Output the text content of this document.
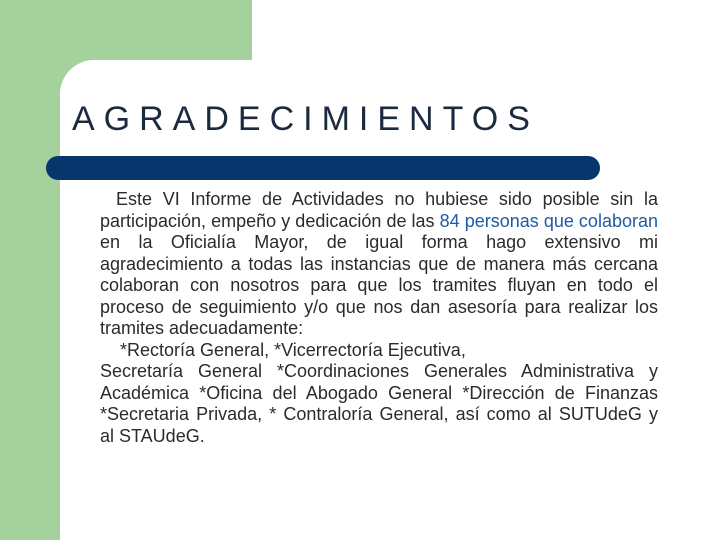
AGRADECIMIENTOS

Este VI Informe de Actividades no hubiese sido posible sin la participación, empeño y dedicación de las 84 personas que colaboran en la Oficialía Mayor, de igual forma hago extensivo mi agradecimiento a todas las instancias que de manera más cercana colaboran con nosotros para que los tramites fluyan en todo el proceso de seguimiento y/o que nos dan asesoría para realizar los tramites adecuadamente:
*Rectoría General, *Vicerrectoría Ejecutiva,
Secretaría General *Coordinaciones Generales Administrativa y Académica *Oficina del Abogado General *Dirección de Finanzas *Secretaria Privada, * Contraloría General, así como al SUTUdeG y al STAUdeG.
